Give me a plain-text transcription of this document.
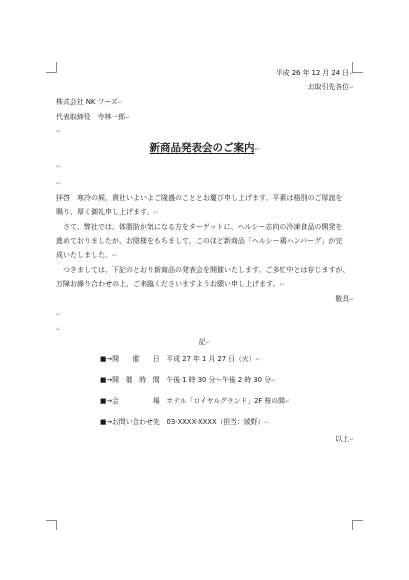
平成 26 年 12 月 24 日↵
お取引先各位↵
株式会社 NK フーズ↵
代表取締役　寺林一郎↵
↵
新商品発表会のご案内↵
↵
↵
拝啓　寒冷の候、貴社いよいよご隆盛のこととお慶び申し上げます。平素は格別のご厚誼を
賜り、厚く御礼申し上げます。↵
　さて、弊社では、体脂肪が気になる方をターゲットに、ヘルシー志向の冷凍食品の開発を
進めておりましたが、お陰様をもちまして、このほど新商品「ヘルシー鶏ハンバーグ」が完
成いたしました。↵
　つきましては、下記のとおり新商品の発表会を開催いたします。ご多忙中とは存じますが、
万障お繰り合わせの上、ご来臨くださいますようお願い申し上げます。↵
敬具↵
↵
↵
記↵
■→開　　催　　日　 平成 27 年 1 月 27 日（火）↵
■→開　催　時　間　 午後 1 時 30 分～午後 2 時 30 分↵
■→会　　　　　場　 ホテル「ロイヤルグランド」2F 桜の間↵
■→お問い合わせ先　 03-XXXX-XXXX（担当：綾野）↵
以上↵
